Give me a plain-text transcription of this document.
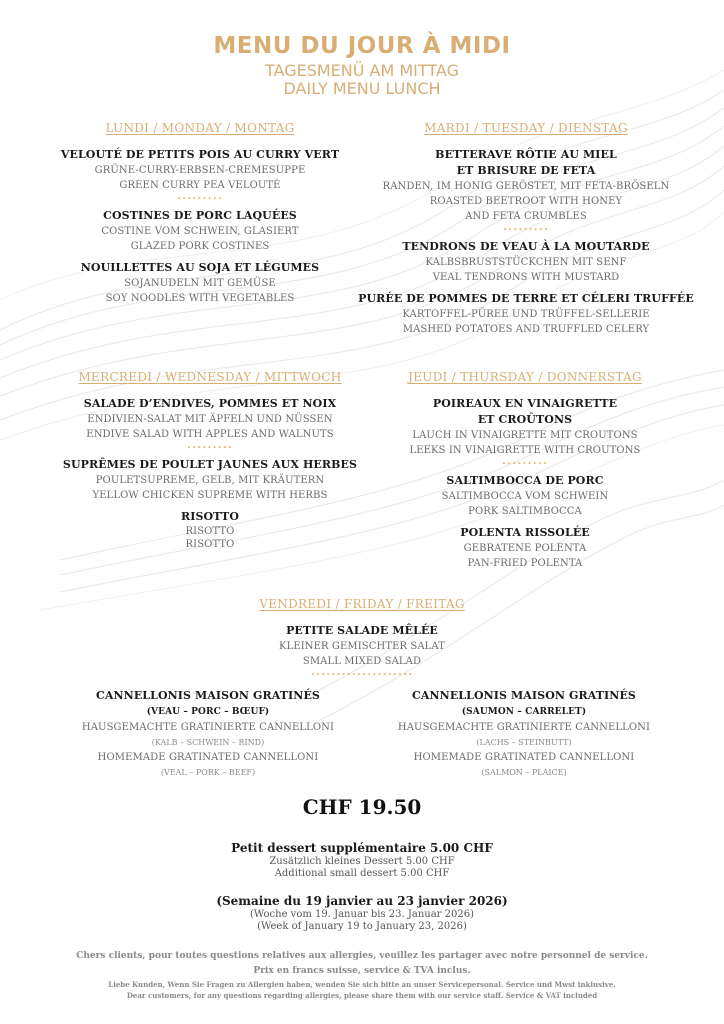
MENU DU JOUR À MIDI
TAGESMENÜ AM MITTAG
DAILY MENU LUNCH
LUNDI / MONDAY / MONTAG
VELOUTÉ DE PETITS POIS AU CURRY VERT
GRÜNE-CURRY-ERBSEN-CREMESUPPE
GREEN CURRY PEA VELOUTÉ
•••••••••
COSTINES DE PORC LAQUÉES
COSTINE VOM SCHWEIN, GLASIERT
GLAZED PORK COSTINES
NOUILLETTES AU SOJA ET LÉGUMES
SOJANUDELN MIT GEMÜSE
SOY NOODLES WITH VEGETABLES
MARDI / TUESDAY / DIENSTAG
BETTERAVE RÔTIE AU MIEL
ET BRISURE DE FETA
RANDEN, IM HONIG GERÖSTET, MIT FETA-BRÖSELN
ROASTED BEETROOT WITH HONEY
AND FETA CRUMBLES
•••••••••
TENDRONS DE VEAU À LA MOUTARDE
KALBSBRUSTSTÜCKCHEN MIT SENF
VEAL TENDRONS WITH MUSTARD
PURÉE DE POMMES DE TERRE ET CÉLERI TRUFFÉE
KARTOFFEL-PÜREE UND TRÜFFEL-SELLERIE
MASHED POTATOES AND TRUFFLED CELERY
MERCREDI / WEDNESDAY / MITTWOCH
SALADE D’ENDIVES, POMMES ET NOIX
ENDIVIEN-SALAT MIT ÄPFELN UND NÜSSEN
ENDIVE SALAD WITH APPLES AND WALNUTS
•••••••••
SUPRÊMES DE POULET JAUNES AUX HERBES
POULETSUPREME, GELB, MIT KRÄUTERN
YELLOW CHICKEN SUPREME WITH HERBS
RISOTTO
RISOTTO
RISOTTO
JEUDI / THURSDAY / DONNERSTAG
POIREAUX EN VINAIGRETTE
ET CROÛTONS
LAUCH IN VINAIGRETTE MIT CROUTONS
LEEKS IN VINAIGRETTE WITH CROUTONS
•••••••••
SALTIMBOCCA DE PORC
SALTIMBOCCA VOM SCHWEIN
PORK SALTIMBOCCA
POLENTA RISSOLÉE
GEBRATENE POLENTA
PAN-FRIED POLENTA
VENDREDI / FRIDAY / FREITAG
PETITE SALADE MÊLÉE
KLEINER GEMISCHTER SALAT
SMALL MIXED SALAD
••••••••••••••••••••
CANNELLONIS MAISON GRATINÉS
(VEAU – PORC – BŒUF)
HAUSGEMACHTE GRATINIERTE CANNELLONI
(KALB – SCHWEIN – RIND)
HOMEMADE GRATINATED CANNELLONI
(VEAL – PORK – BEEF)
CANNELLONIS MAISON GRATINÉS
(SAUMON – CARRELET)
HAUSGEMACHTE GRATINIERTE CANNELLONI
(LACHS – STEINBUTT)
HOMEMADE GRATINATED CANNELLONI
(SALMON – PLAICE)
CHF 19.50
Petit dessert supplémentaire 5.00 CHF
Zusätzlich kleines Dessert 5.00 CHF
Additional small dessert 5.00 CHF
(Semaine du 19 janvier au 23 janvier 2026)
(Woche vom 19. Januar bis 23. Januar 2026)
(Week of January 19 to January 23, 2026)
Chers clients, pour toutes questions relatives aux allergies, veuillez les partager avec notre personnel de service.
Prix en francs suisse, service & TVA inclus.
Liebe Kunden, Wenn Sie Fragen zu Allergien haben, wenden Sie sich bitte an unser Servicepersonal. Service und Mwst inklusive.
Dear customers, for any questions regarding allergies, please share them with our service staff. Service & VAT included
